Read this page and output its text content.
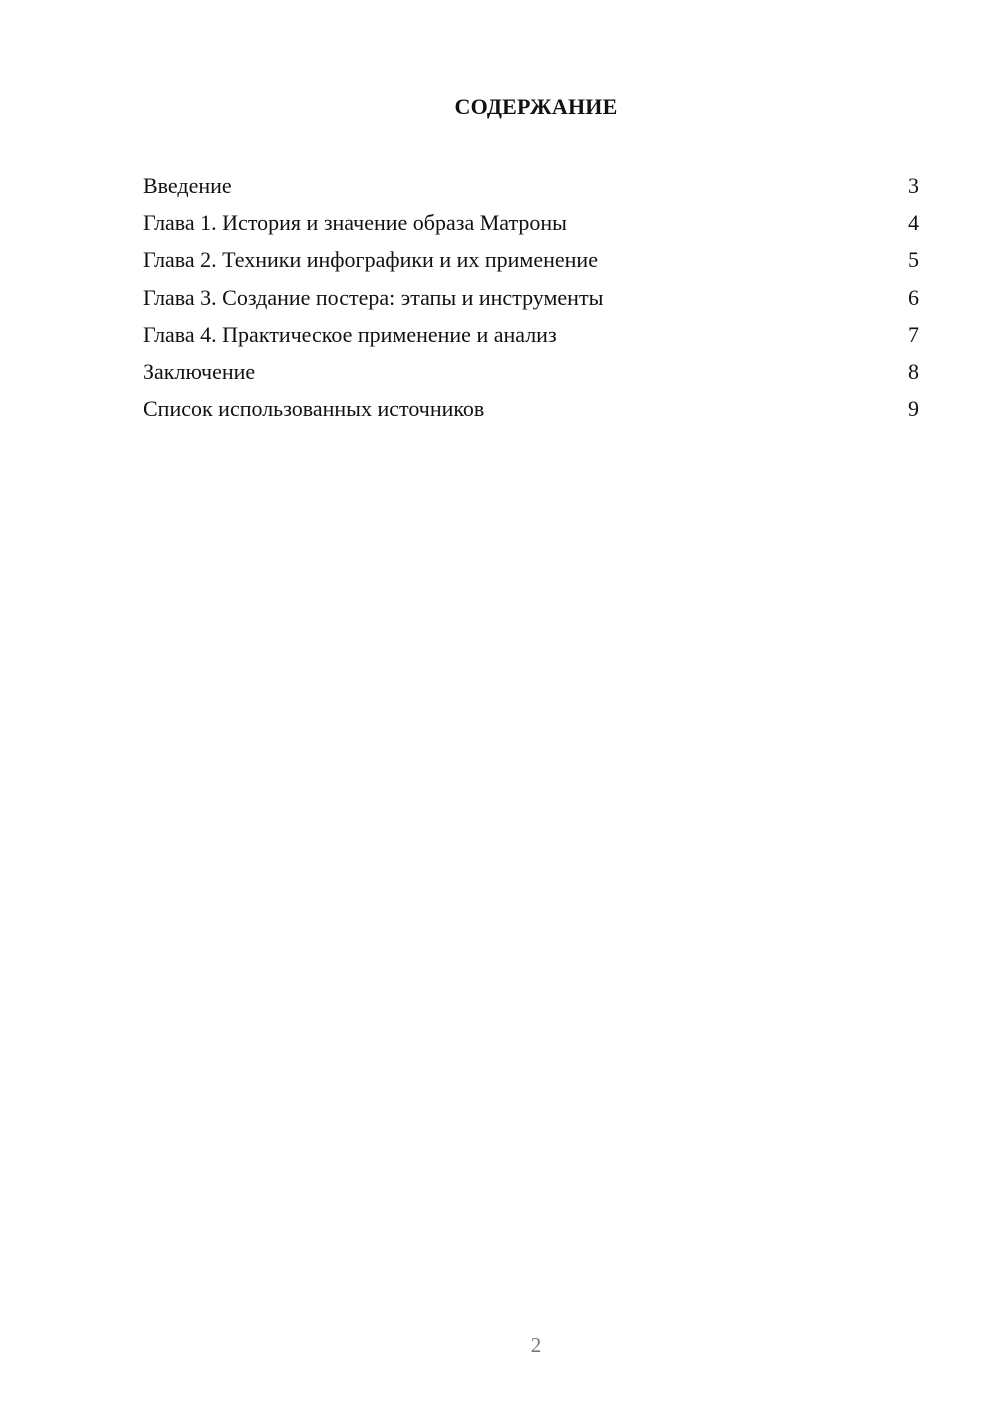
СОДЕРЖАНИЕ
Введение	3
Глава 1. История и значение образа Матроны	4
Глава 2. Техники инфографики и их применение	5
Глава 3. Создание постера: этапы и инструменты	6
Глава 4. Практическое применение и анализ	7
Заключение	8
Список использованных источников	9
2
